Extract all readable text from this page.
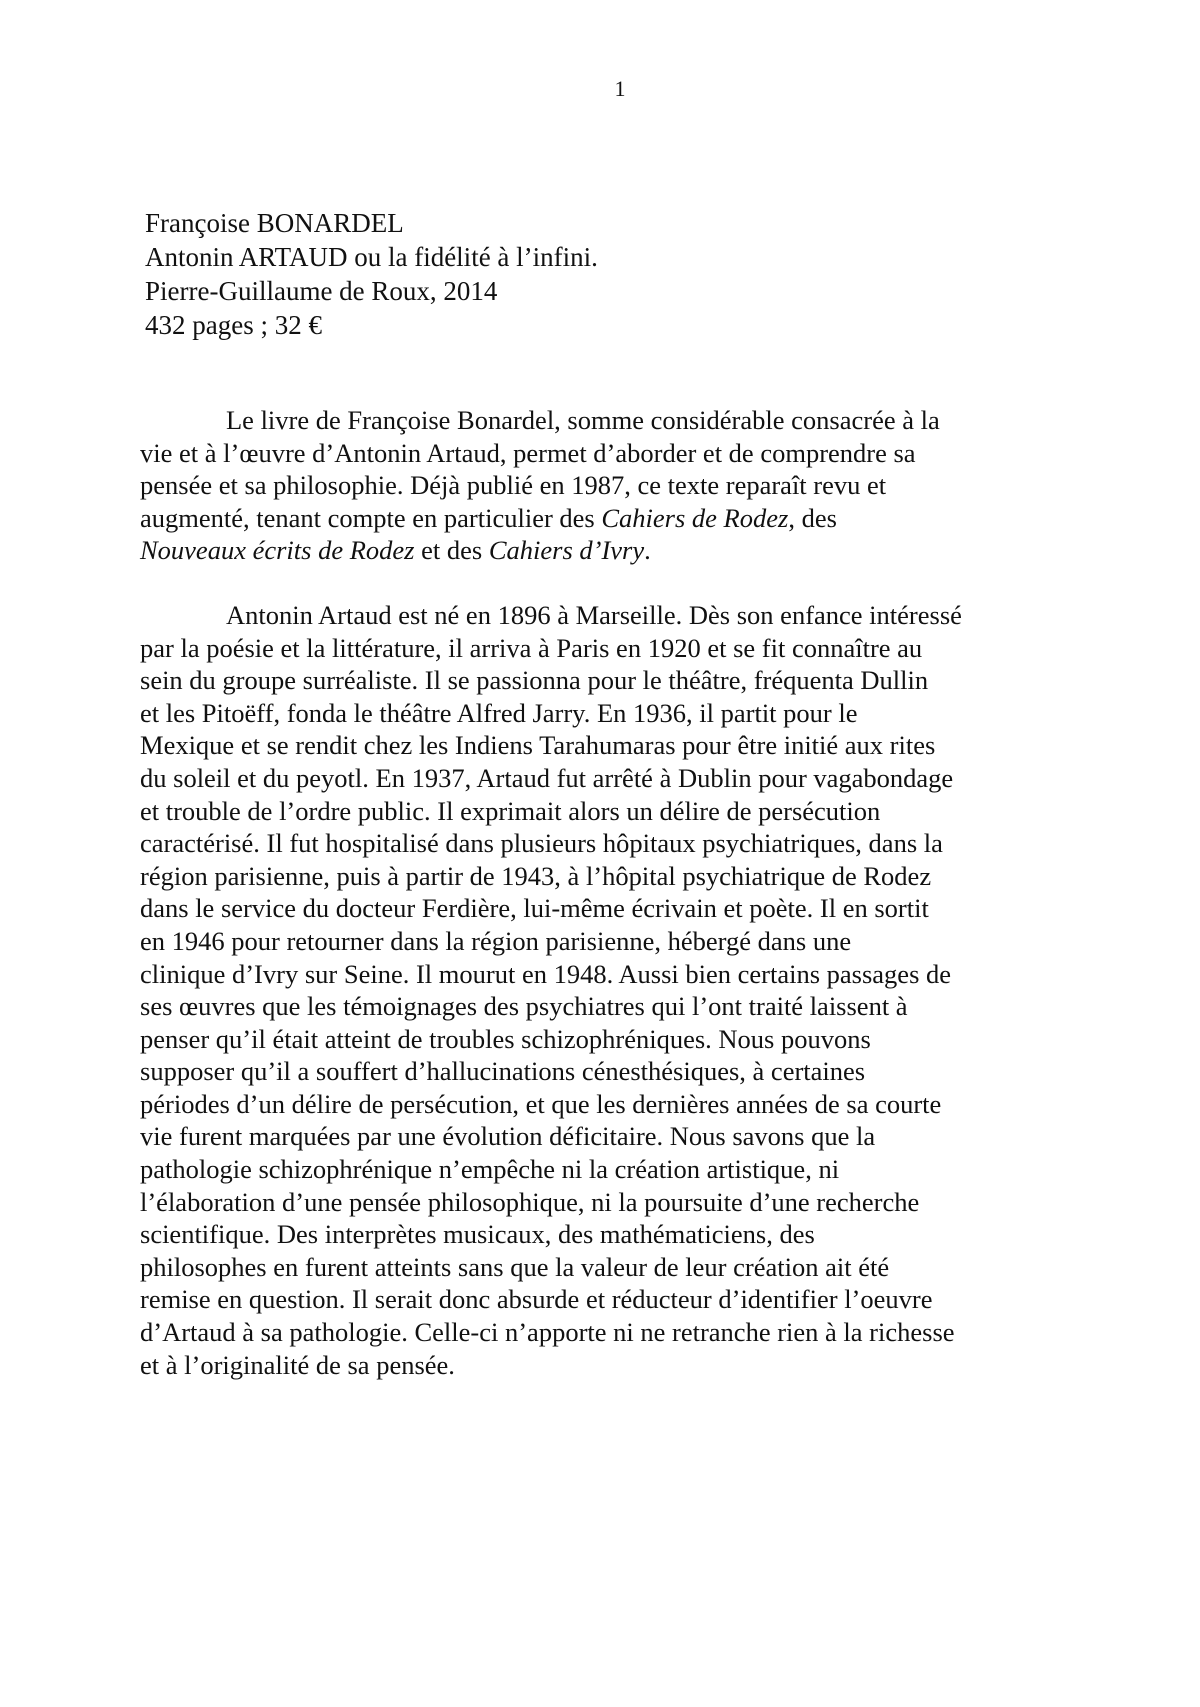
1
Françoise BONARDEL
Antonin ARTAUD ou la fidélité à l’infini.
Pierre-Guillaume de Roux, 2014
432 pages ; 32 €

Le livre de Françoise Bonardel, somme considérable consacrée à la
vie et à l’œuvre d’Antonin Artaud, permet d’aborder et de comprendre sa
pensée et sa philosophie. Déjà publié en 1987, ce texte reparaît revu et
augmenté, tenant compte en particulier des Cahiers de Rodez, des
Nouveaux écrits de Rodez et des Cahiers d’Ivry.

Antonin Artaud est né en 1896 à Marseille. Dès son enfance intéressé
par la poésie et la littérature, il arriva à Paris en 1920 et se fit connaître au
sein du groupe surréaliste. Il se passionna pour le théâtre, fréquenta Dullin
et les Pitoëff, fonda le théâtre Alfred Jarry. En 1936, il partit pour le
Mexique et se rendit chez les Indiens Tarahumaras pour être initié aux rites
du soleil et du peyotl. En 1937, Artaud fut arrêté à Dublin pour vagabondage
et trouble de l’ordre public. Il exprimait alors un délire de persécution
caractérisé. Il fut hospitalisé dans plusieurs hôpitaux psychiatriques, dans la
région parisienne, puis à partir de 1943, à l’hôpital psychiatrique de Rodez
dans le service du docteur Ferdière, lui-même écrivain et poète. Il en sortit
en 1946 pour retourner dans la région parisienne, hébergé dans une
clinique d’Ivry sur Seine. Il mourut en 1948. Aussi bien certains passages de
ses œuvres que les témoignages des psychiatres qui l’ont traité laissent à
penser qu’il était atteint de troubles schizophréniques. Nous pouvons
supposer qu’il a souffert d’hallucinations cénesthésiques, à certaines
périodes d’un délire de persécution, et que les dernières années de sa courte
vie furent marquées par une évolution déficitaire. Nous savons que la
pathologie schizophrénique n’empêche ni la création artistique, ni
l’élaboration d’une pensée philosophique, ni la poursuite d’une recherche
scientifique. Des interprètes musicaux, des mathématiciens, des
philosophes en furent atteints sans que la valeur de leur création ait été
remise en question. Il serait donc absurde et réducteur d’identifier l’oeuvre
d’Artaud à sa pathologie. Celle-ci n’apporte ni ne retranche rien à la richesse
et à l’originalité de sa pensée.
